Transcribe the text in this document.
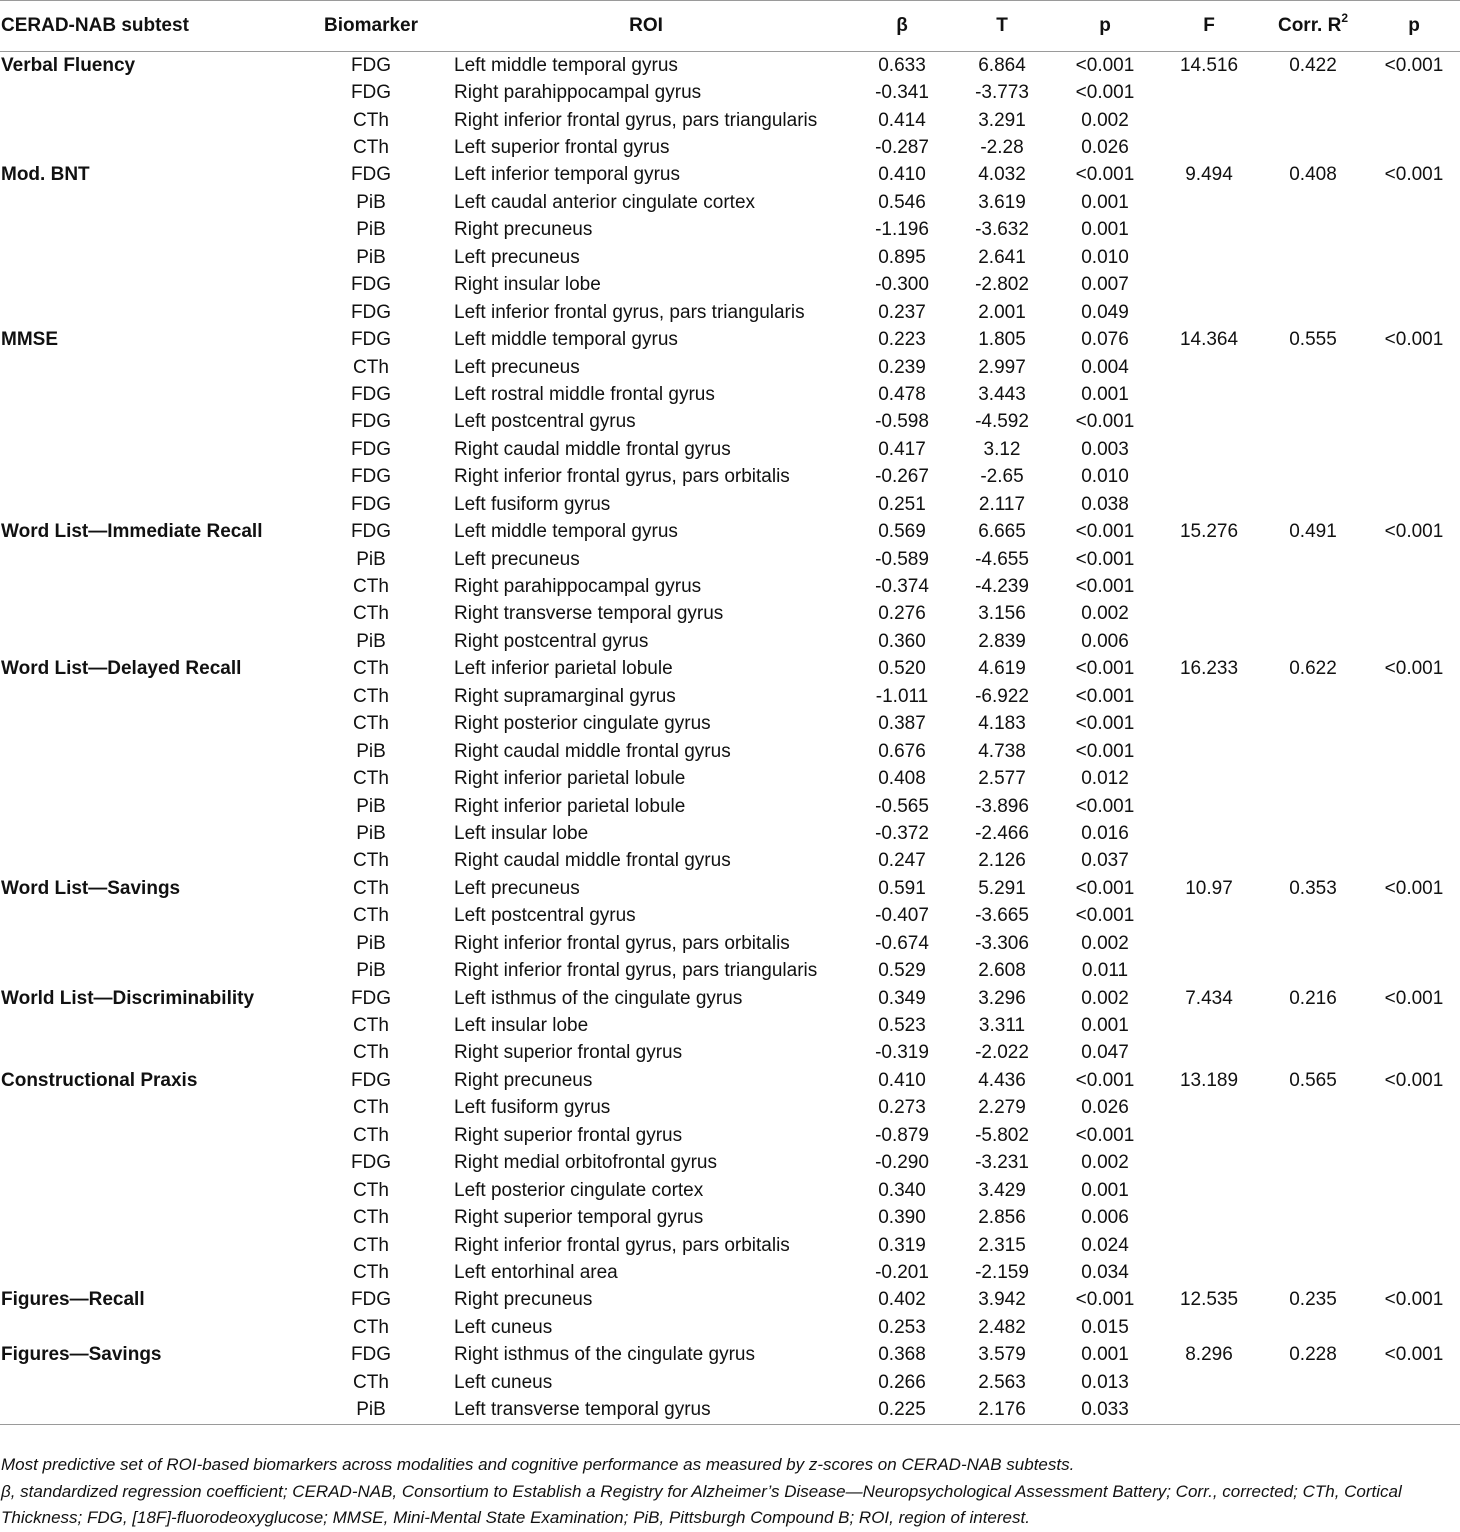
CERAD-NAB subtest	Biomarker	ROI	β	T	p	F	Corr. $R^2$	p
Verbal Fluency	FDG	Left middle temporal gyrus	0.633	6.864	<0.001	14.516	0.422	<0.001
	FDG	Right parahippocampal gyrus	-0.341	-3.773	<0.001			
	CTh	Right inferior frontal gyrus, pars triangularis	0.414	3.291	0.002			
	CTh	Left superior frontal gyrus	-0.287	-2.28	0.026			
Mod. BNT	FDG	Left inferior temporal gyrus	0.410	4.032	<0.001	9.494	0.408	<0.001
	PiB	Left caudal anterior cingulate cortex	0.546	3.619	0.001			
	PiB	Right precuneus	-1.196	-3.632	0.001			
	PiB	Left precuneus	0.895	2.641	0.010			
	FDG	Right insular lobe	-0.300	-2.802	0.007			
	FDG	Left inferior frontal gyrus, pars triangularis	0.237	2.001	0.049			
MMSE	FDG	Left middle temporal gyrus	0.223	1.805	0.076	14.364	0.555	<0.001
	CTh	Left precuneus	0.239	2.997	0.004			
	FDG	Left rostral middle frontal gyrus	0.478	3.443	0.001			
	FDG	Left postcentral gyrus	-0.598	-4.592	<0.001			
	FDG	Right caudal middle frontal gyrus	0.417	3.12	0.003			
	FDG	Right inferior frontal gyrus, pars orbitalis	-0.267	-2.65	0.010			
	FDG	Left fusiform gyrus	0.251	2.117	0.038			
Word List—Immediate Recall	FDG	Left middle temporal gyrus	0.569	6.665	<0.001	15.276	0.491	<0.001
	PiB	Left precuneus	-0.589	-4.655	<0.001			
	CTh	Right parahippocampal gyrus	-0.374	-4.239	<0.001			
	CTh	Right transverse temporal gyrus	0.276	3.156	0.002			
	PiB	Right postcentral gyrus	0.360	2.839	0.006			
Word List—Delayed Recall	CTh	Left inferior parietal lobule	0.520	4.619	<0.001	16.233	0.622	<0.001
	CTh	Right supramarginal gyrus	-1.011	-6.922	<0.001			
	CTh	Right posterior cingulate gyrus	0.387	4.183	<0.001			
	PiB	Right caudal middle frontal gyrus	0.676	4.738	<0.001			
	CTh	Right inferior parietal lobule	0.408	2.577	0.012			
	PiB	Right inferior parietal lobule	-0.565	-3.896	<0.001			
	PiB	Left insular lobe	-0.372	-2.466	0.016			
	CTh	Right caudal middle frontal gyrus	0.247	2.126	0.037			
Word List—Savings	CTh	Left precuneus	0.591	5.291	<0.001	10.97	0.353	<0.001
	CTh	Left postcentral gyrus	-0.407	-3.665	<0.001			
	PiB	Right inferior frontal gyrus, pars orbitalis	-0.674	-3.306	0.002			
	PiB	Right inferior frontal gyrus, pars triangularis	0.529	2.608	0.011			
World List—Discriminability	FDG	Left isthmus of the cingulate gyrus	0.349	3.296	0.002	7.434	0.216	<0.001
	CTh	Left insular lobe	0.523	3.311	0.001			
	CTh	Right superior frontal gyrus	-0.319	-2.022	0.047			
Constructional Praxis	FDG	Right precuneus	0.410	4.436	<0.001	13.189	0.565	<0.001
	CTh	Left fusiform gyrus	0.273	2.279	0.026			
	CTh	Right superior frontal gyrus	-0.879	-5.802	<0.001			
	FDG	Right medial orbitofrontal gyrus	-0.290	-3.231	0.002			
	CTh	Left posterior cingulate cortex	0.340	3.429	0.001			
	CTh	Right superior temporal gyrus	0.390	2.856	0.006			
	CTh	Right inferior frontal gyrus, pars orbitalis	0.319	2.315	0.024			
	CTh	Left entorhinal area	-0.201	-2.159	0.034			
Figures—Recall	FDG	Right precuneus	0.402	3.942	<0.001	12.535	0.235	<0.001
	CTh	Left cuneus	0.253	2.482	0.015			
Figures—Savings	FDG	Right isthmus of the cingulate gyrus	0.368	3.579	0.001	8.296	0.228	<0.001
	CTh	Left cuneus	0.266	2.563	0.013			
	PiB	Left transverse temporal gyrus	0.225	2.176	0.033			
Most predictive set of ROI-based biomarkers across modalities and cognitive performance as measured by z-scores on CERAD-NAB subtests.
β, standardized regression coefficient; CERAD-NAB, Consortium to Establish a Registry for Alzheimer’s Disease—Neuropsychological Assessment Battery; Corr., corrected; CTh, Cortical Thickness; FDG, [18F]-fluorodeoxyglucose; MMSE, Mini-Mental State Examination; PiB, Pittsburgh Compound B; ROI, region of interest.
